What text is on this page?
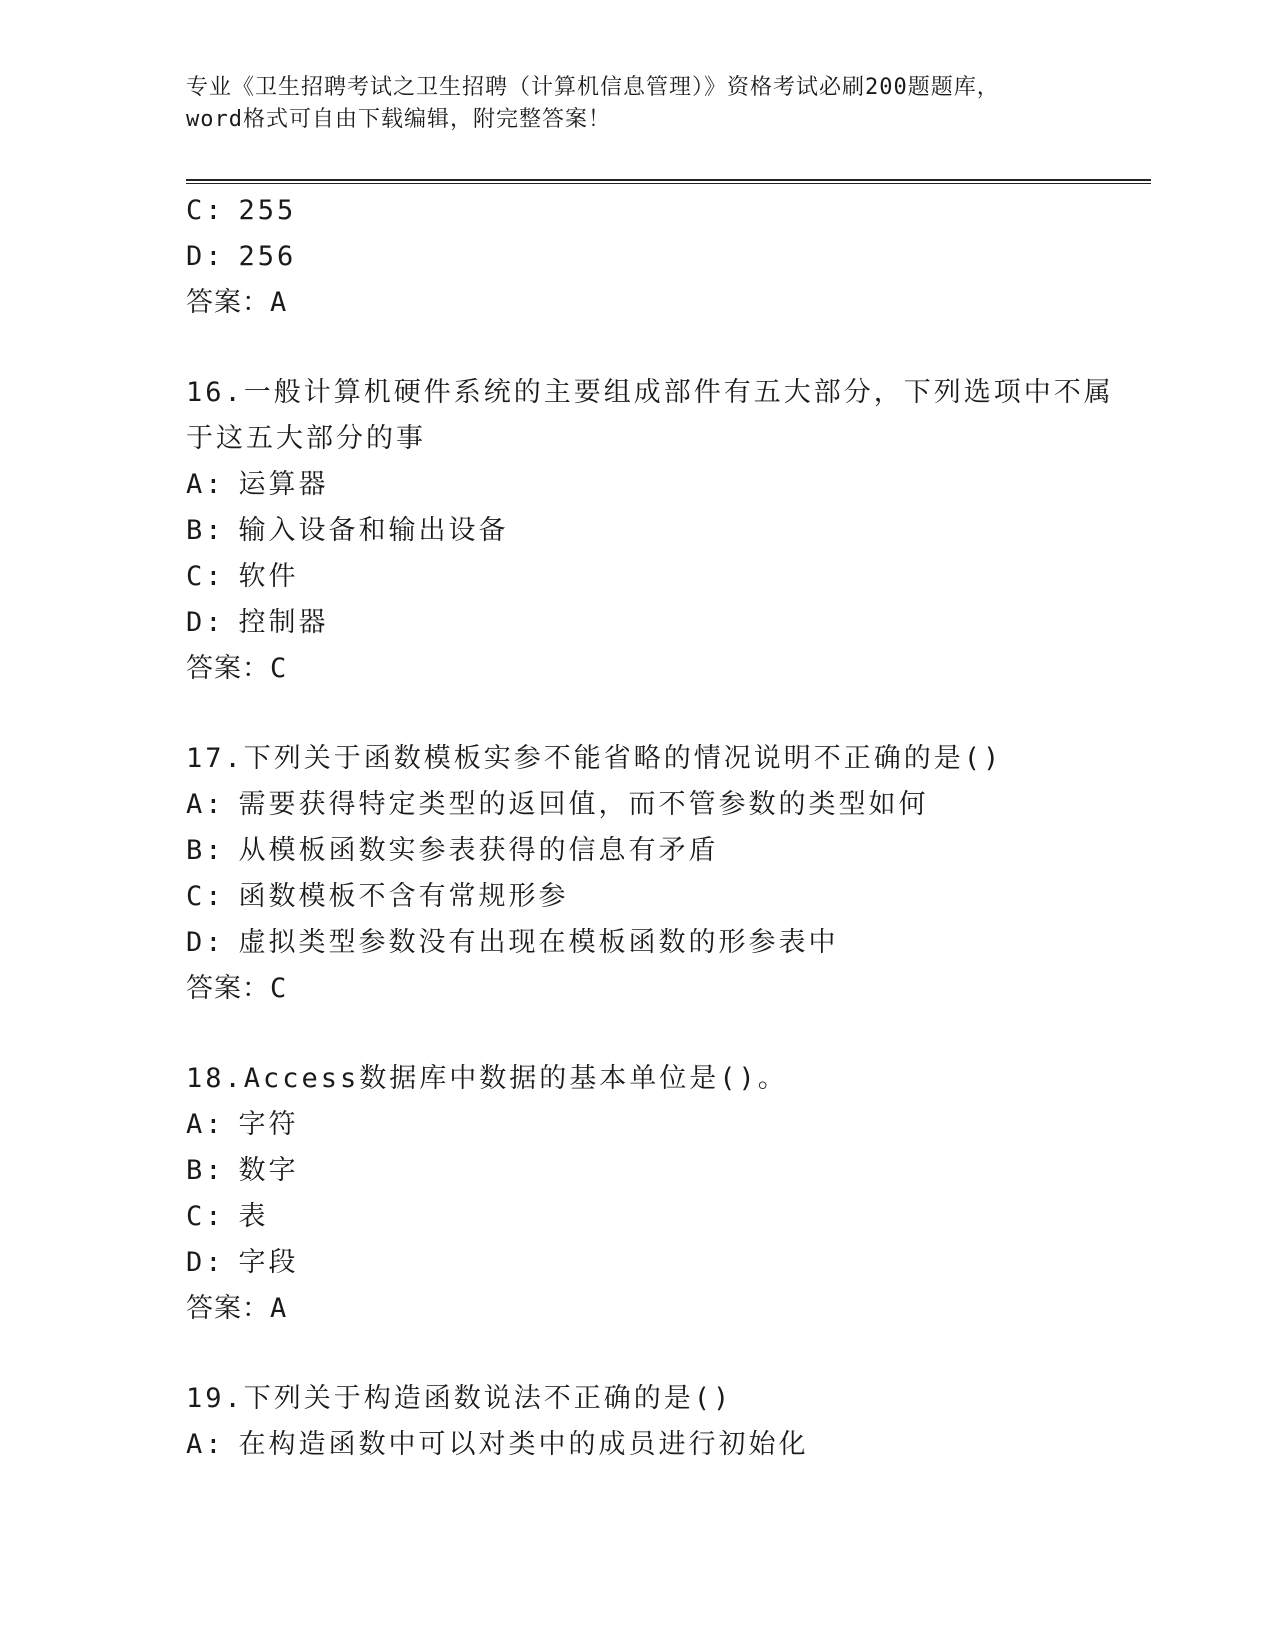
专业《卫生招聘考试之卫生招聘（计算机信息管理）》资格考试必刷200题题库，
word格式可自由下载编辑，附完整答案！
C: 255
D: 256
答案：A
16.一般计算机硬件系统的主要组成部件有五大部分，下列选项中不属
于这五大部分的事
A: 运算器
B: 输入设备和输出设备
C: 软件
D: 控制器
答案：C
17.下列关于函数模板实参不能省略的情况说明不正确的是()
A: 需要获得特定类型的返回值，而不管参数的类型如何
B: 从模板函数实参表获得的信息有矛盾
C: 函数模板不含有常规形参
D: 虚拟类型参数没有出现在模板函数的形参表中
答案：C
18.Access数据库中数据的基本单位是()。
A: 字符
B: 数字
C: 表
D: 字段
答案：A
19.下列关于构造函数说法不正确的是()
A: 在构造函数中可以对类中的成员进行初始化
